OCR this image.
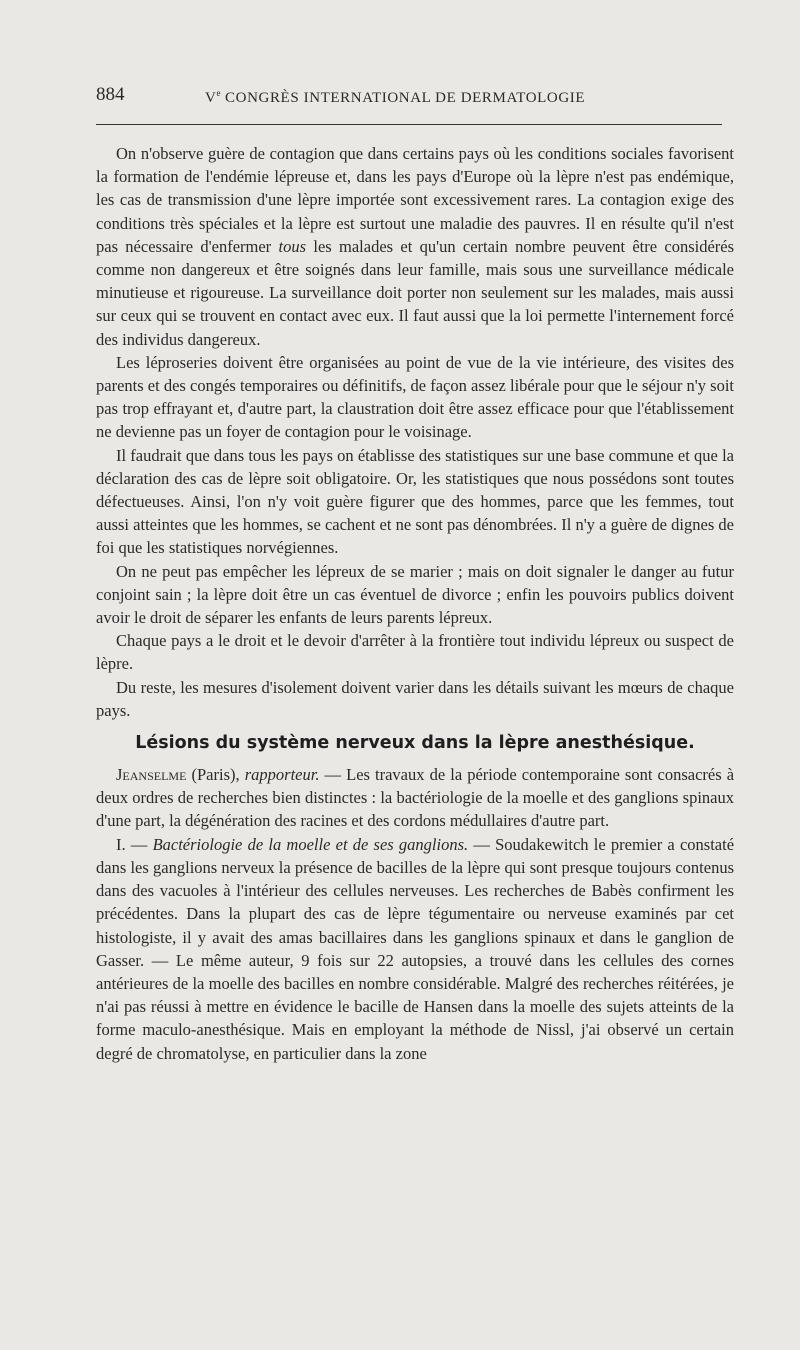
884	Ve CONGRÈS INTERNATIONAL DE DERMATOLOGIE

On n'observe guère de contagion que dans certains pays où les conditions sociales favorisent la formation de l'endémie lépreuse et, dans les pays d'Europe où la lèpre n'est pas endémique, les cas de transmission d'une lèpre importée sont excessivement rares. La contagion exige des conditions très spéciales et la lèpre est surtout une maladie des pauvres. Il en résulte qu'il n'est pas nécessaire d'enfermer tous les malades et qu'un certain nombre peuvent être considérés comme non dangereux et être soignés dans leur famille, mais sous une surveillance médicale minutieuse et rigoureuse. La surveillance doit porter non seulement sur les malades, mais aussi sur ceux qui se trouvent en contact avec eux. Il faut aussi que la loi permette l'internement forcé des individus dangereux.

Les léproseries doivent être organisées au point de vue de la vie intérieure, des visites des parents et des congés temporaires ou définitifs, de façon assez libérale pour que le séjour n'y soit pas trop effrayant et, d'autre part, la claustration doit être assez efficace pour que l'établissement ne devienne pas un foyer de contagion pour le voisinage.

Il faudrait que dans tous les pays on établisse des statistiques sur une base commune et que la déclaration des cas de lèpre soit obligatoire. Or, les statistiques que nous possédons sont toutes défectueuses. Ainsi, l'on n'y voit guère figurer que des hommes, parce que les femmes, tout aussi atteintes que les hommes, se cachent et ne sont pas dénombrées. Il n'y a guère de dignes de foi que les statistiques norvégiennes.

On ne peut pas empêcher les lépreux de se marier ; mais on doit signaler le danger au futur conjoint sain ; la lèpre doit être un cas éventuel de divorce ; enfin les pouvoirs publics doivent avoir le droit de séparer les enfants de leurs parents lépreux.

Chaque pays a le droit et le devoir d'arrêter à la frontière tout individu lépreux ou suspect de lèpre.

Du reste, les mesures d'isolement doivent varier dans les détails suivant les mœurs de chaque pays.

Lésions du système nerveux dans la lèpre anesthésique.

Jeanselme (Paris), rapporteur. — Les travaux de la période contemporaine sont consacrés à deux ordres de recherches bien distinctes : la bactériologie de la moelle et des ganglions spinaux d'une part, la dégénération des racines et des cordons médullaires d'autre part.

I. — Bactériologie de la moelle et de ses ganglions. — Soudakewitch le premier a constaté dans les ganglions nerveux la présence de bacilles de la lèpre qui sont presque toujours contenus dans des vacuoles à l'intérieur des cellules nerveuses. Les recherches de Babès confirment les précédentes. Dans la plupart des cas de lèpre tégumentaire ou nerveuse examinés par cet histologiste, il y avait des amas bacillaires dans les ganglions spinaux et dans le ganglion de Gasser. — Le même auteur, 9 fois sur 22 autopsies, a trouvé dans les cellules des cornes antérieures de la moelle des bacilles en nombre considérable. Malgré des recherches réitérées, je n'ai pas réussi à mettre en évidence le bacille de Hansen dans la moelle des sujets atteints de la forme maculo-anesthésique. Mais en employant la méthode de Nissl, j'ai observé un certain degré de chromatolyse, en particulier dans la zone
